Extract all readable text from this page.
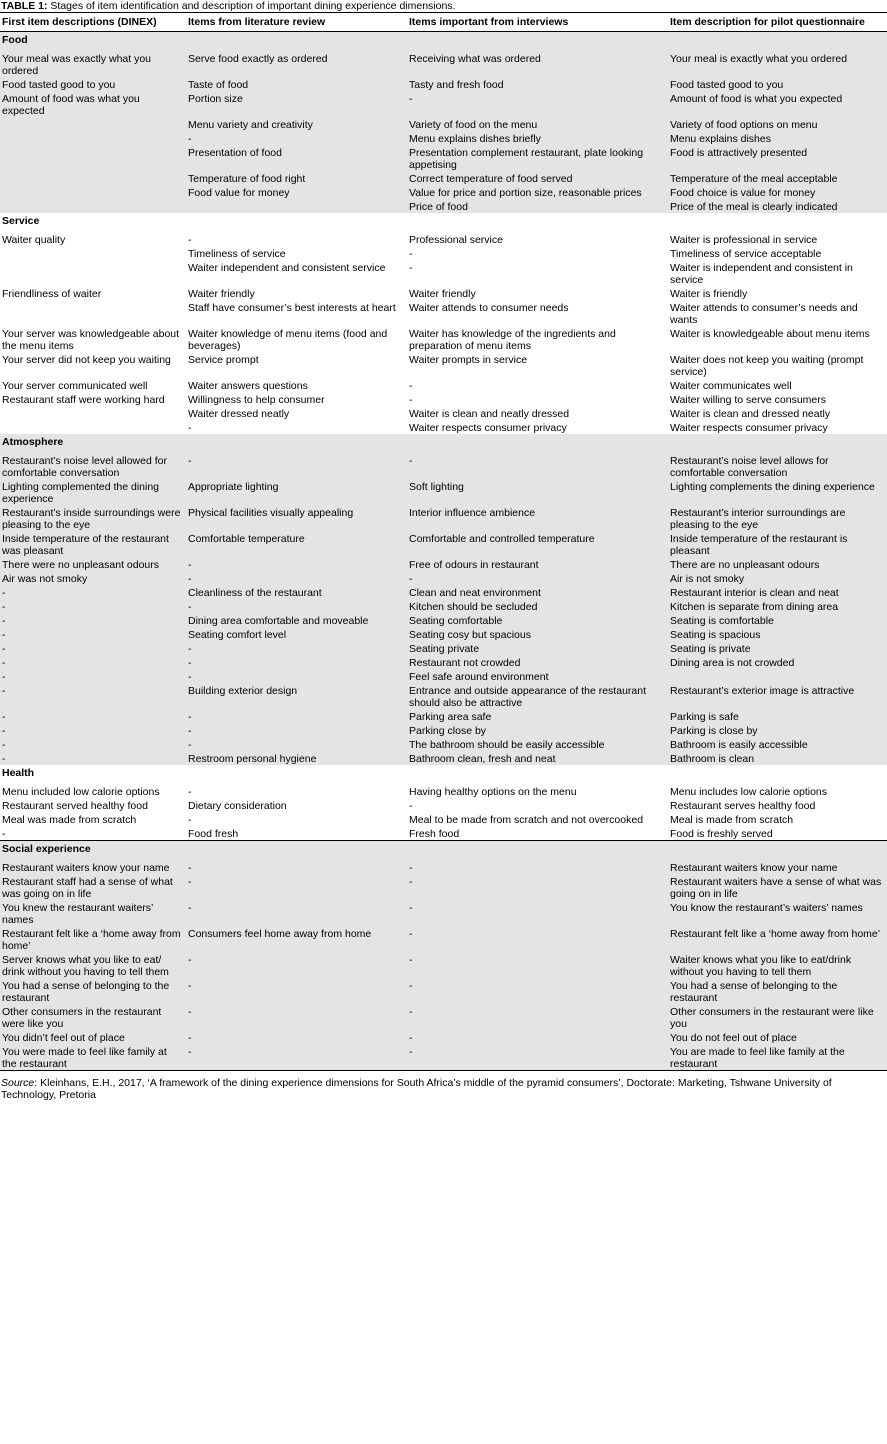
TABLE 1: Stages of item identification and description of important dining experience dimensions.
First item descriptions (DINEX)	Items from literature review	Items important from interviews	Item description for pilot questionnaire
Food			
Your meal was exactly what you ordered	Serve food exactly as ordered	Receiving what was ordered	Your meal is exactly what you ordered
Food tasted good to you	Taste of food	Tasty and fresh food	Food tasted good to you
Amount of food was what you expected	Portion size	-	Amount of food is what you expected
	Menu variety and creativity	Variety of food on the menu	Variety of food options on menu
	-	Menu explains dishes briefly	Menu explains dishes
	Presentation of food	Presentation complement restaurant, plate looking appetising	Food is attractively presented
	Temperature of food right	Correct temperature of food served	Temperature of the meal acceptable
	Food value for money	Value for price and portion size, reasonable prices	Food choice is value for money
		Price of food	Price of the meal is clearly indicated
Service			
Waiter quality	-	Professional service	Waiter is professional in service
	Timeliness of service	-	Timeliness of service acceptable
	Waiter independent and consistent service	-	Waiter is independent and consistent in service
Friendliness of waiter	Waiter friendly	Waiter friendly	Waiter is friendly
	Staff have consumer’s best interests at heart	Waiter attends to consumer needs	Waiter attends to consumer’s needs and wants
Your server was knowledgeable about the menu items	Waiter knowledge of menu items (food and beverages)	Waiter has knowledge of the ingredients and preparation of menu items	Waiter is knowledgeable about menu items
Your server did not keep you waiting	Service prompt	Waiter prompts in service	Waiter does not keep you waiting (prompt service)
Your server communicated well	Waiter answers questions	-	Waiter communicates well
Restaurant staff were working hard	Willingness to help consumer	-	Waiter willing to serve consumers
	Waiter dressed neatly	Waiter is clean and neatly dressed	Waiter is clean and dressed neatly
	-	Waiter respects consumer privacy	Waiter respects consumer privacy
Atmosphere			
Restaurant’s noise level allowed for comfortable conversation	-	-	Restaurant’s noise level allows for comfortable conversation
Lighting complemented the dining experience	Appropriate lighting	Soft lighting	Lighting complements the dining experience
Restaurant’s inside surroundings were pleasing to the eye	Physical facilities visually appealing	Interior influence ambience	Restaurant’s interior surroundings are pleasing to the eye
Inside temperature of the restaurant was pleasant	Comfortable temperature	Comfortable and controlled temperature	Inside temperature of the restaurant is pleasant
There were no unpleasant odours	-	Free of odours in restaurant	There are no unpleasant odours
Air was not smoky	-	-	Air is not smoky
-	Cleanliness of the restaurant	Clean and neat environment	Restaurant interior is clean and neat
-	-	Kitchen should be secluded	Kitchen is separate from dining area
-	Dining area comfortable and moveable	Seating comfortable	Seating is comfortable
-	Seating comfort level	Seating cosy but spacious	Seating is spacious
-	-	Seating private	Seating is private
-	-	Restaurant not crowded	Dining area is not crowded
-	-	Feel safe around environment	
-	Building exterior design	Entrance and outside appearance of the restaurant should also be attractive	Restaurant’s exterior image is attractive
-	-	Parking area safe	Parking is safe
-	-	Parking close by	Parking is close by
-	-	The bathroom should be easily accessible	Bathroom is easily accessible
-	Restroom personal hygiene	Bathroom clean, fresh and neat	Bathroom is clean
Health			
Menu included low calorie options	-	Having healthy options on the menu	Menu includes low calorie options
Restaurant served healthy food	Dietary consideration	-	Restaurant serves healthy food
Meal was made from scratch	-	Meal to be made from scratch and not overcooked	Meal is made from scratch
-	Food fresh	Fresh food	Food is freshly served
Social experience			
Restaurant waiters know your name	-	-	Restaurant waiters know your name
Restaurant staff had a sense of what was going on in life	-	-	Restaurant waiters have a sense of what was going on in life
You knew the restaurant waiters’ names	-	-	You know the restaurant’s waiters’ names
Restaurant felt like a ‘home away from home’	Consumers feel home away from home	-	Restaurant felt like a ‘home away from home’
Server knows what you like to eat/ drink without you having to tell them	-	-	Waiter knows what you like to eat/drink without you having to tell them
You had a sense of belonging to the restaurant	-	-	You had a sense of belonging to the restaurant
Other consumers in the restaurant were like you	-	-	Other consumers in the restaurant were like you
You didn’t feel out of place	-	-	You do not feel out of place
You were made to feel like family at the restaurant	-	-	You are made to feel like family at the restaurant
Source: Kleinhans, E.H., 2017, ‘A framework of the dining experience dimensions for South Africa’s middle of the pyramid consumers’, Doctorate: Marketing, Tshwane University of Technology, Pretoria
